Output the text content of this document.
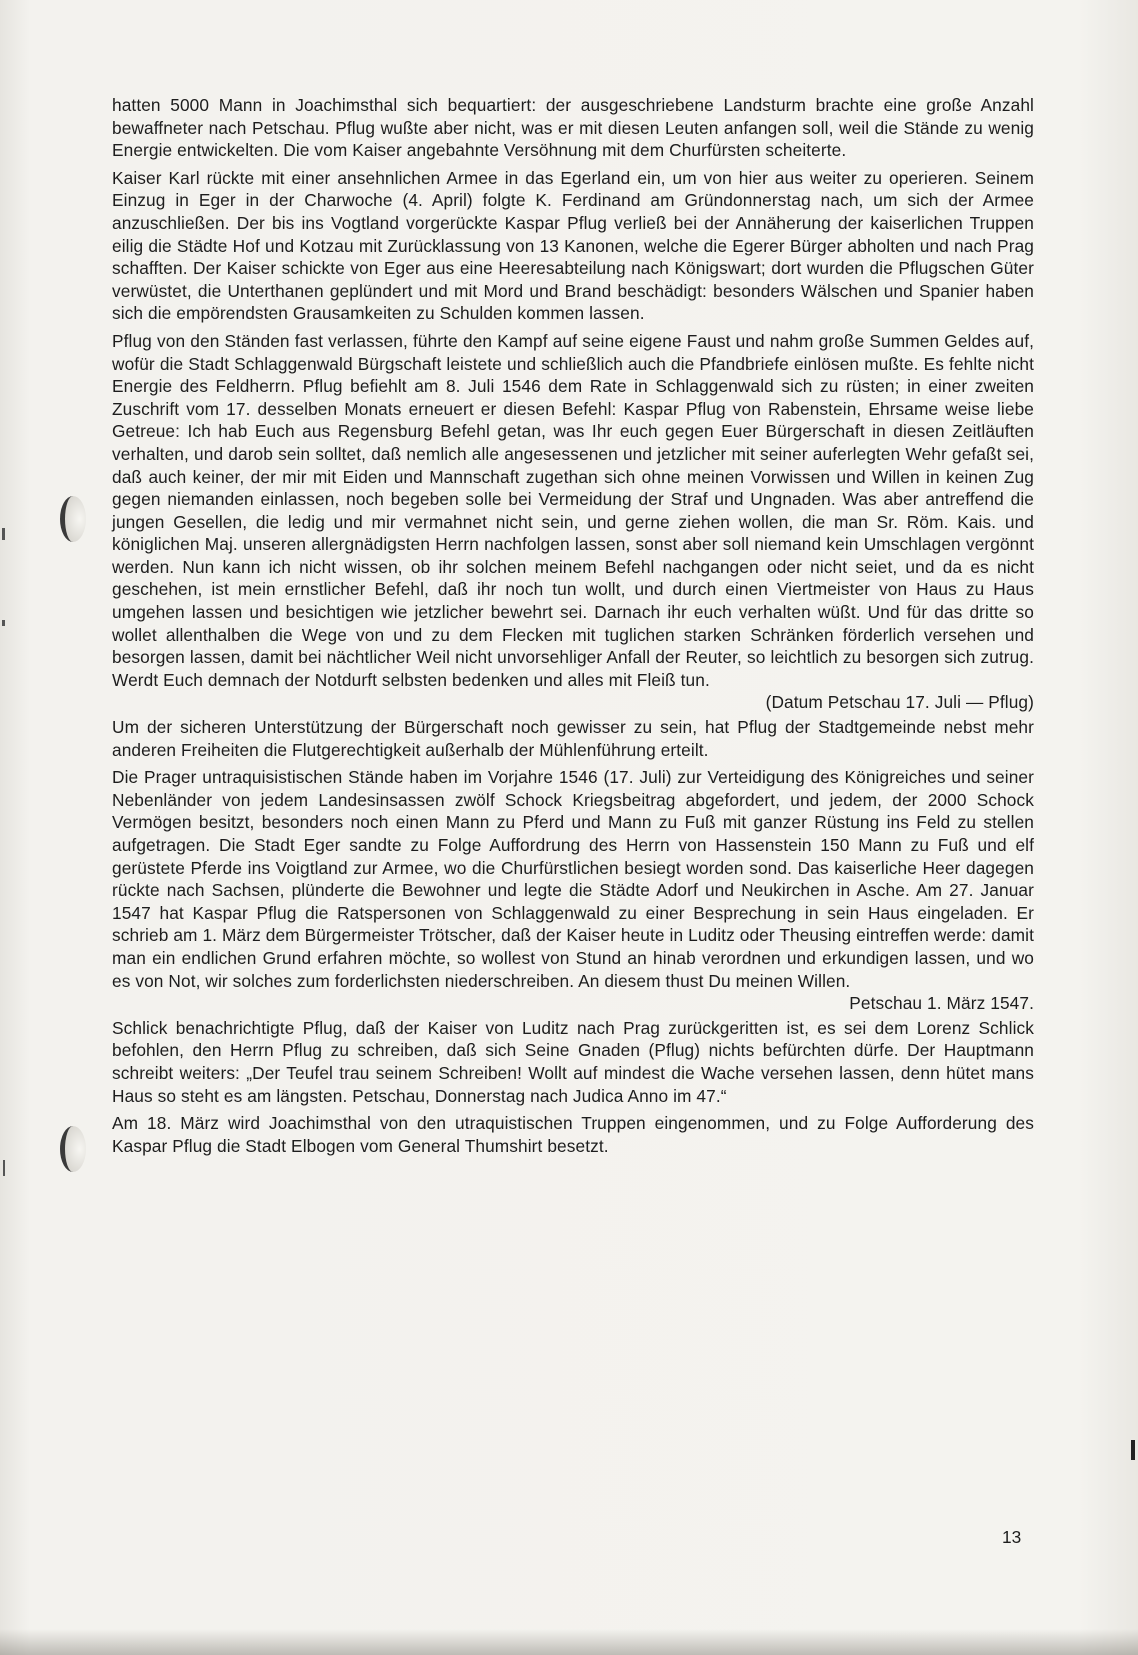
hatten 5000 Mann in Joachimsthal sich bequartiert: der ausgeschriebene Landsturm brachte eine große Anzahl bewaffneter nach Petschau. Pflug wußte aber nicht, was er mit diesen Leuten anfangen soll, weil die Stände zu wenig Energie entwickelten. Die vom Kaiser angebahnte Versöhnung mit dem Churfürsten scheiterte.

Kaiser Karl rückte mit einer ansehnlichen Armee in das Egerland ein, um von hier aus weiter zu operieren. Seinem Einzug in Eger in der Charwoche (4. April) folgte K. Ferdinand am Gründonnerstag nach, um sich der Armee anzuschließen. Der bis ins Vogtland vorgerückte Kaspar Pflug verließ bei der Annäherung der kaiserlichen Truppen eilig die Städte Hof und Kotzau mit Zurücklassung von 13 Kanonen, welche die Egerer Bürger abholten und nach Prag schafften. Der Kaiser schickte von Eger aus eine Heeresabteilung nach Königswart; dort wurden die Pflugschen Güter verwüstet, die Unterthanen geplündert und mit Mord und Brand beschädigt: besonders Wälschen und Spanier haben sich die empörendsten Grausamkeiten zu Schulden kommen lassen.

Pflug von den Ständen fast verlassen, führte den Kampf auf seine eigene Faust und nahm große Summen Geldes auf, wofür die Stadt Schlaggenwald Bürgschaft leistete und schließlich auch die Pfandbriefe einlösen mußte. Es fehlte nicht Energie des Feldherrn. Pflug befiehlt am 8. Juli 1546 dem Rate in Schlaggenwald sich zu rüsten; in einer zweiten Zuschrift vom 17. desselben Monats erneuert er diesen Befehl: Kaspar Pflug von Rabenstein, Ehrsame weise liebe Getreue: Ich hab Euch aus Regensburg Befehl getan, was Ihr euch gegen Euer Bürgerschaft in diesen Zeitläuften verhalten, und darob sein solltet, daß nemlich alle angesessenen und jetzlicher mit seiner auferlegten Wehr gefaßt sei, daß auch keiner, der mir mit Eiden und Mannschaft zugethan sich ohne meinen Vorwissen und Willen in keinen Zug gegen niemanden einlassen, noch begeben solle bei Vermeidung der Straf und Ungnaden. Was aber antreffend die jungen Gesellen, die ledig und mir vermahnet nicht sein, und gerne ziehen wollen, die man Sr. Röm. Kais. und königlichen Maj. unseren allergnädigsten Herrn nachfolgen lassen, sonst aber soll niemand kein Umschlagen vergönnt werden. Nun kann ich nicht wissen, ob ihr solchen meinem Befehl nachgangen oder nicht seiet, und da es nicht geschehen, ist mein ernstlicher Befehl, daß ihr noch tun wollt, und durch einen Viertmeister von Haus zu Haus umgehen lassen und besichtigen wie jetzlicher bewehrt sei. Darnach ihr euch verhalten wüßt. Und für das dritte so wollet allenthalben die Wege von und zu dem Flecken mit tuglichen starken Schränken förderlich versehen und besorgen lassen, damit bei nächtlicher Weil nicht unvorsehliger Anfall der Reuter, so leichtlich zu besorgen sich zutrug. Werdt Euch demnach der Notdurft selbsten bedenken und alles mit Fleiß tun.

(Datum Petschau 17. Juli — Pflug)

Um der sicheren Unterstützung der Bürgerschaft noch gewisser zu sein, hat Pflug der Stadtgemeinde nebst mehr anderen Freiheiten die Flutgerechtigkeit außerhalb der Mühlenführung erteilt.

Die Prager untraquisistischen Stände haben im Vorjahre 1546 (17. Juli) zur Verteidigung des Königreiches und seiner Nebenländer von jedem Landesinsassen zwölf Schock Kriegsbeitrag abgefordert, und jedem, der 2000 Schock Vermögen besitzt, besonders noch einen Mann zu Pferd und Mann zu Fuß mit ganzer Rüstung ins Feld zu stellen aufgetragen. Die Stadt Eger sandte zu Folge Auffordrung des Herrn von Hassenstein 150 Mann zu Fuß und elf gerüstete Pferde ins Voigtland zur Armee, wo die Churfürstlichen besiegt worden sond. Das kaiserliche Heer dagegen rückte nach Sachsen, plünderte die Bewohner und legte die Städte Adorf und Neukirchen in Asche. Am 27. Januar 1547 hat Kaspar Pflug die Ratspersonen von Schlaggenwald zu einer Besprechung in sein Haus eingeladen. Er schrieb am 1. März dem Bürgermeister Trötscher, daß der Kaiser heute in Luditz oder Theusing eintreffen werde: damit man ein endlichen Grund erfahren möchte, so wollest von Stund an hinab verordnen und erkundigen lassen, und wo es von Not, wir solches zum forderlichsten niederschreiben. An diesem thust Du meinen Willen.

Petschau 1. März 1547.

Schlick benachrichtigte Pflug, daß der Kaiser von Luditz nach Prag zurückgeritten ist, es sei dem Lorenz Schlick befohlen, den Herrn Pflug zu schreiben, daß sich Seine Gnaden (Pflug) nichts befürchten dürfe. Der Hauptmann schreibt weiters: „Der Teufel trau seinem Schreiben! Wollt auf mindest die Wache versehen lassen, denn hütet mans Haus so steht es am längsten. Petschau, Donnerstag nach Judica Anno im 47.“

Am 18. März wird Joachimsthal von den utraquistischen Truppen eingenommen, und zu Folge Aufforderung des Kaspar Pflug die Stadt Elbogen vom General Thumshirt besetzt.

13
